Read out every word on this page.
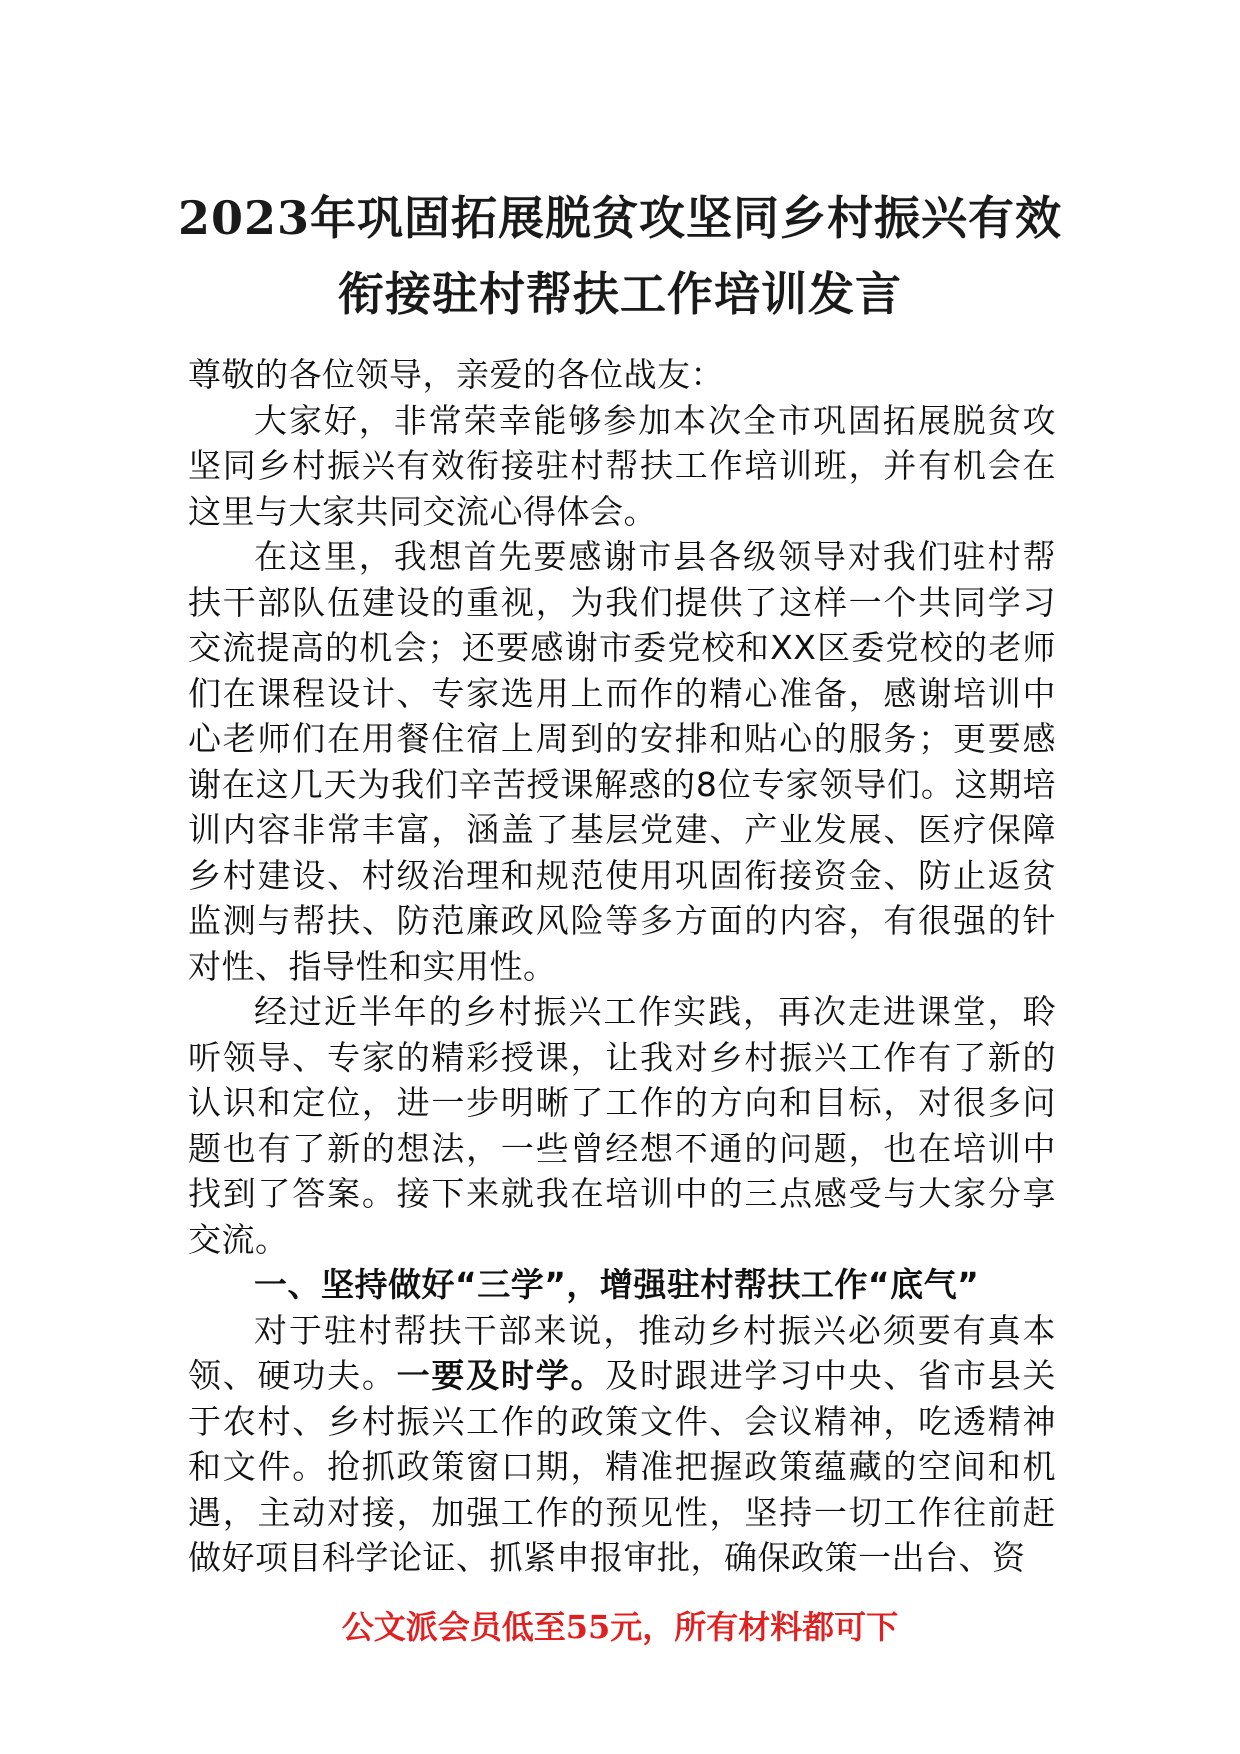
2023年巩固拓展脱贫攻坚同乡村振兴有效
衔接驻村帮扶工作培训发言

尊敬的各位领导，亲爱的各位战友：

大家好，非常荣幸能够参加本次全市巩固拓展脱贫攻坚同乡村振兴有效衔接驻村帮扶工作培训班，并有机会在这里与大家共同交流心得体会。

在这里，我想首先要感谢市县各级领导对我们驻村帮扶干部队伍建设的重视，为我们提供了这样一个共同学习交流提高的机会；还要感谢市委党校和XX区委党校的老师们在课程设计、专家选用上而作的精心准备，感谢培训中心老师们在用餐住宿上周到的安排和贴心的服务；更要感谢在这几天为我们辛苦授课解惑的8位专家领导们。这期培训内容非常丰富，涵盖了基层党建、产业发展、医疗保障乡村建设、村级治理和规范使用巩固衔接资金、防止返贫监测与帮扶、防范廉政风险等多方面的内容，有很强的针对性、指导性和实用性。

经过近半年的乡村振兴工作实践，再次走进课堂，聆听领导、专家的精彩授课，让我对乡村振兴工作有了新的认识和定位，进一步明晰了工作的方向和目标，对很多问题也有了新的想法，一些曾经想不通的问题，也在培训中找到了答案。接下来就我在培训中的三点感受与大家分享交流。

一、坚持做好“三学”，增强驻村帮扶工作“底气”

对于驻村帮扶干部来说，推动乡村振兴必须要有真本领、硬功夫。一要及时学。及时跟进学习中央、省市县关于农村、乡村振兴工作的政策文件、会议精神，吃透精神和文件。抢抓政策窗口期，精准把握政策蕴藏的空间和机遇，主动对接，加强工作的预见性，坚持一切工作往前赶做好项目科学论证、抓紧申报审批，确保政策一出台、资

公文派会员低至55元，所有材料都可下
